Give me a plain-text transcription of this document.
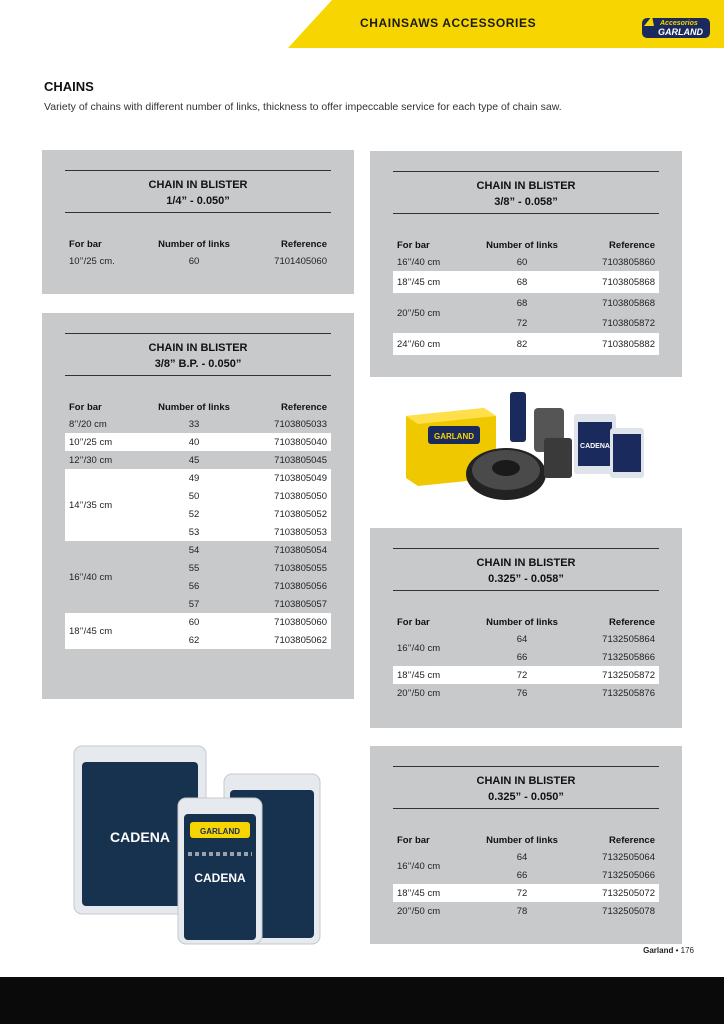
CHAINSAWS ACCESSORIES	Accesorios
GARLAND
CHAINS
Variety of chains with different number of links, thickness to offer impeccable service for each type of chain saw.
CHAIN IN BLISTER
1/4” - 0.050”
For bar	Number of links	Reference
10’’/25 cm.	60	7101405060
CHAIN IN BLISTER
3/8” B.P. - 0.050”
For bar	Number of links	Reference
8’’/20 cm	33	7103805033
10’’/25 cm	40	7103805040
12’’/30 cm	45	7103805045
14’’/35 cm
49	7103805049
50	7103805050
52	7103805052
53	7103805053
16’’/40 cm
54	7103805054
55	7103805055
56	7103805056
57	7103805057
18’’/45 cm
60	7103805060
62	7103805062
CHAIN IN BLISTER
3/8” - 0.058”
For bar	Number of links	Reference
16’’/40 cm	60	7103805860
18’’/45 cm	68	7103805868
20’’/50 cm
68	7103805868
72	7103805872
24’’/60 cm	82	7103805882
GARLAND
CADENA
CHAIN IN BLISTER
0.325” - 0.058”
For bar	Number of links	Reference
16’’/40 cm
64	7132505864
66	7132505866
18’’/45 cm	72	7132505872
20’’/50 cm	76	7132505876
CHAIN IN BLISTER
0.325” - 0.050”
For bar	Number of links	Reference
16’’/40 cm
64	7132505064
66	7132505066
18’’/45 cm	72	7132505072
20’’/50 cm	78	7132505078
CADENA	GARLAND
CADENA
Garland • 176
